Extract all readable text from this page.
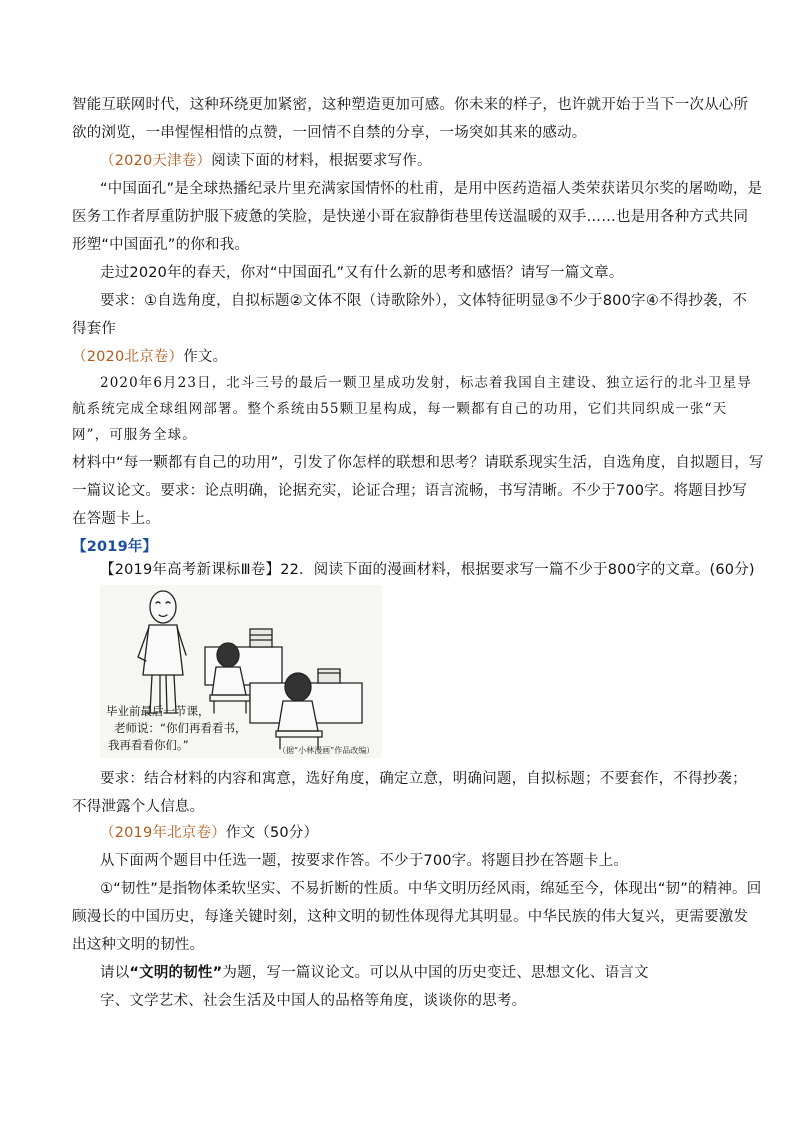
智能互联网时代，这种环绕更加紧密，这种塑造更加可感。你未来的样子，也许就开始于当下一次从心所
欲的浏览，一串惺惺相惜的点赞，一回情不自禁的分享，一场突如其来的感动。
（2020天津卷）阅读下面的材料，根据要求写作。
“中国面孔”是全球热播纪录片里充满家国情怀的杜甫，是用中医药造福人类荣获诺贝尔奖的屠呦呦，是
医务工作者厚重防护服下疲惫的笑脸，是快递小哥在寂静街巷里传送温暖的双手……也是用各种方式共同
形塑“中国面孔”的你和我。
走过2020年的春天，你对“中国面孔”又有什么新的思考和感悟？请写一篇文章。
要求：①自选角度，自拟标题②文体不限（诗歌除外），文体特征明显③不少于800字④不得抄袭，不
得套作
（2020北京卷）作文。
2020年6月23日，北斗三号的最后一颗卫星成功发射，标志着我国自主建设、独立运行的北斗卫星导
航系统完成全球组网部署。整个系统由55颗卫星构成，每一颗都有自己的功用，它们共同织成一张“天
网”，可服务全球。
材料中“每一颗都有自己的功用”，引发了你怎样的联想和思考？请联系现实生活，自选角度，自拟题目，写
一篇议论文。要求：论点明确，论据充实，论证合理；语言流畅，书写清晰。不少于700字。将题目抄写
在答题卡上。
【2019年】
【2019年高考新课标Ⅲ卷】22．阅读下面的漫画材料，根据要求写一篇不少于800字的文章。(60分)
毕业前最后一节课，
老师说：“你们再看看书，
我再看看你们。”	（据“小林漫画”作品改编）
要求：结合材料的内容和寓意，选好角度，确定立意，明确问题，自拟标题；不要套作，不得抄袭；
不得泄露个人信息。
（2019年北京卷）作文（50分）
从下面两个题目中任选一题，按要求作答。不少于700字。将题目抄在答题卡上。
①“韧性”是指物体柔软坚实、不易折断的性质。中华文明历经风雨，绵延至今，体现出“韧”的精神。回
顾漫长的中国历史，每逢关键时刻，这种文明的韧性体现得尤其明显。中华民族的伟大复兴，更需要激发
出这种文明的韧性。
请以“文明的韧性”为题，写一篇议论文。可以从中国的历史变迁、思想文化、语言文
字、文学艺术、社会生活及中国人的品格等角度，谈谈你的思考。
